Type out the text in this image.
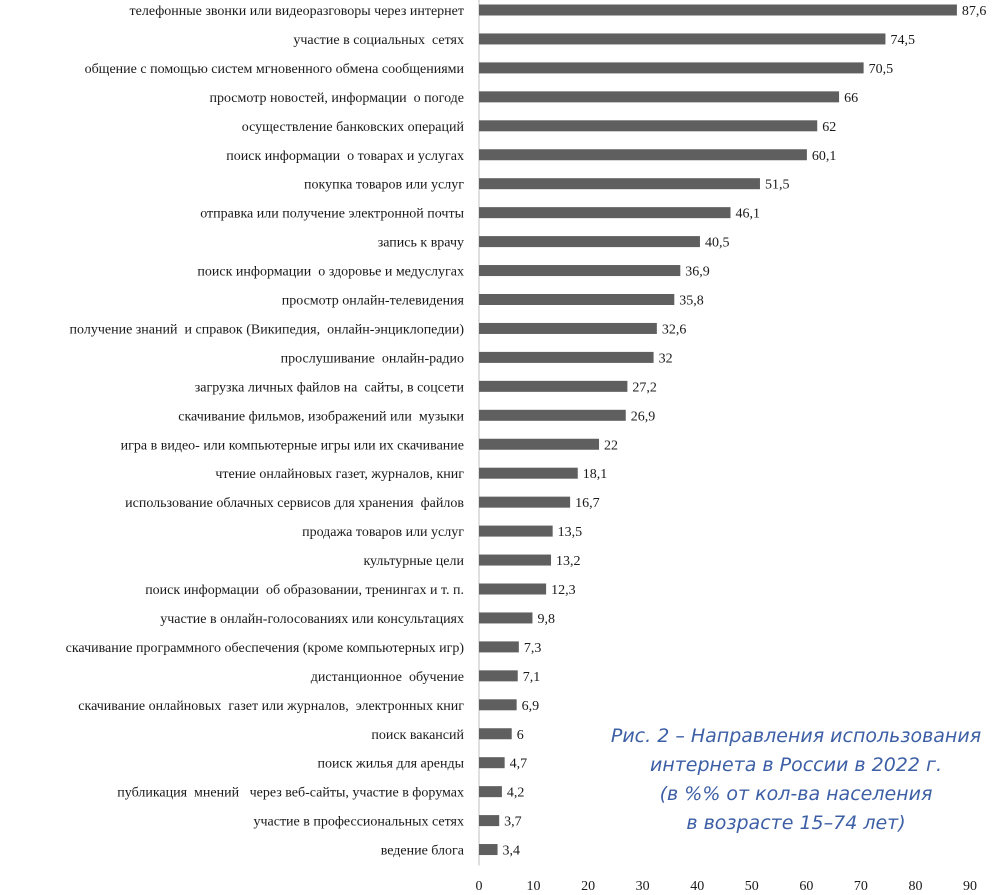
телефонные звонки или видеоразговоры через интернет	87,6
участие в социальных  сетях	74,5
общение с помощью систем мгновенного обмена сообщениями	70,5
просмотр новостей, информации  о погоде	66
осуществление банковских операций	62
поиск информации  о товарах и услугах	60,1
покупка товаров или услуг	51,5
отправка или получение электронной почты	46,1
запись к врачу	40,5
поиск информации  о здоровье и медуслугах	36,9
просмотр онлайн-телевидения	35,8
получение знаний  и справок (Википедия,  онлайн-энциклопедии)	32,6
прослушивание  онлайн-радио	32
загрузка личных файлов на  сайты, в соцсети	27,2
скачивание фильмов, изображений или  музыки	26,9
игра в видео- или компьютерные игры или их скачивание	22
чтение онлайновых газет, журналов, книг	18,1
использование облачных сервисов для хранения  файлов	16,7
продажа товаров или услуг	13,5
культурные цели	13,2
поиск информации  об образовании, тренингах и т. п.	12,3
участие в онлайн-голосованиях или консультациях	9,8
скачивание программного обеспечения (кроме компьютерных игр)	7,3
дистанционное  обучение	7,1
скачивание онлайновых  газет или журналов,  электронных книг	6,9
поиск вакансий	6
поиск жилья для аренды	4,7
публикация  мнений   через веб-сайты, участие в форумах	4,2
участие в профессиональных сетях	3,7
ведение блога	3,4
0	10	20	30	40	50	60	70	80	90
Рис. 2 – Направления использования
интернета в России в 2022 г.
(в %% от кол-ва населения
в возрасте 15–74 лет)
